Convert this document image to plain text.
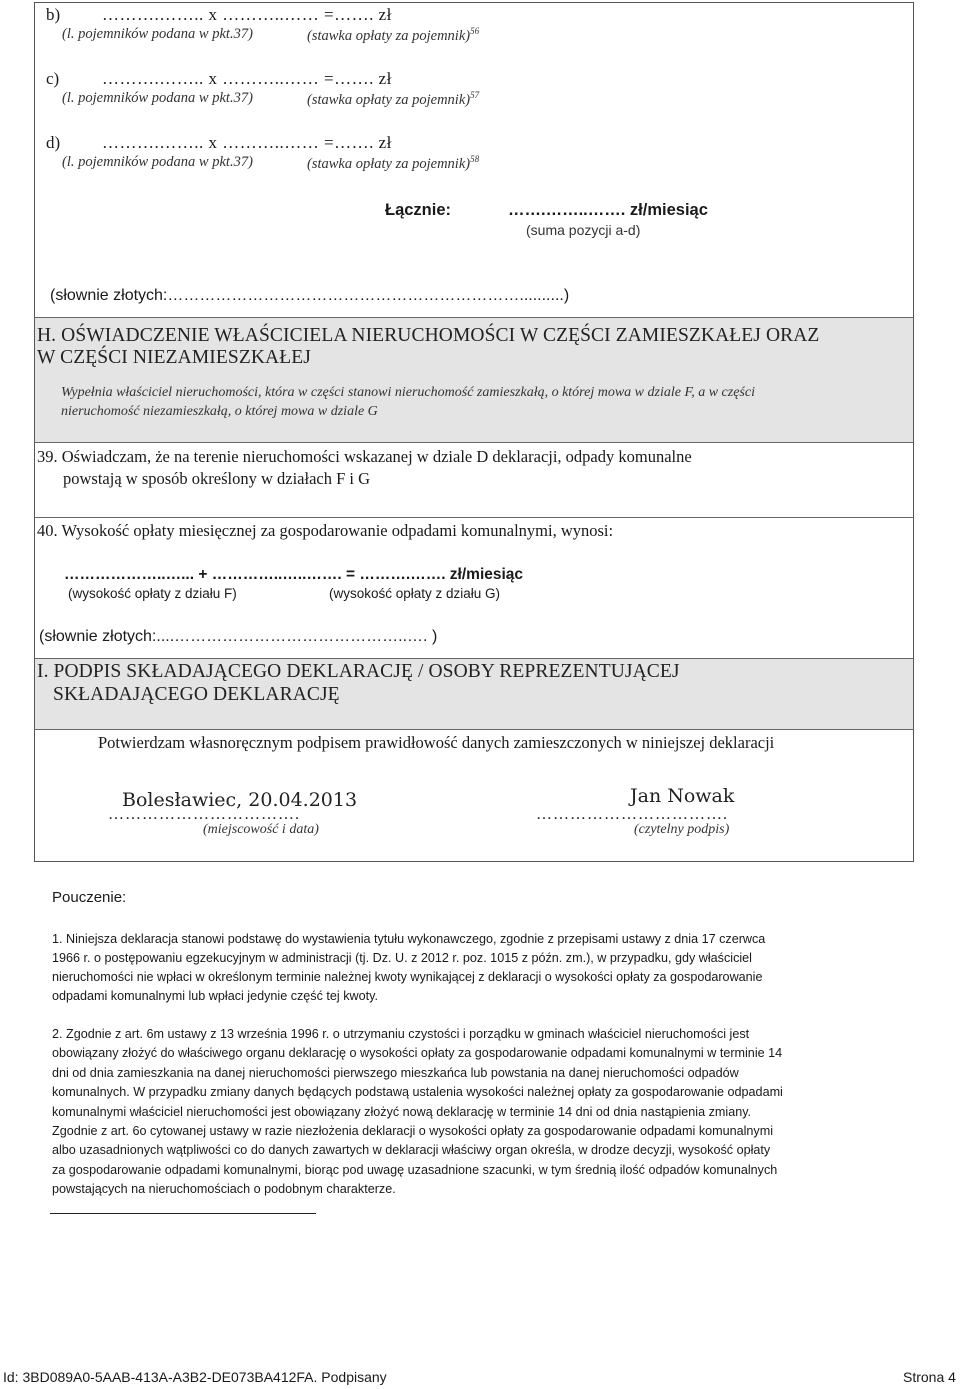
b) ……….…….. x ………..…… =……. zł
(l. pojemników podana w pkt.37)	(stawka opłaty za pojemnik)$^{56}$
c)	……….…….. x ………..…… =……. zł
(l. pojemników podana w pkt.37)	(stawka opłaty za pojemnik)$^{57}$
d) ……….…….. x ………..…… =……. zł
(l. pojemników podana w pkt.37)	(stawka opłaty za pojemnik)$^{58}$
Łącznie:	…….……..……. zł/miesiąc
(suma pozycji a-d)
(słownie złotych:…………………………………………………………..........)
H. OŚWIADCZENIE WŁAŚCICIELA NIERUCHOMOŚCI W CZĘŚCI ZAMIESZKAŁEJ ORAZ
W CZĘŚCI NIEZAMIESZKAŁEJ
Wypełnia właściciel nieruchomości, która w części stanowi nieruchomość zamieszkałą, o której mowa w dziale F, a w części
nieruchomość niezamieszkałą, o której mowa w dziale G
39. Oświadczam, że na terenie nieruchomości wskazanej w dziale D deklaracji, odpady komunalne
powstają w sposób określony w działach F i G
40. Wysokość opłaty miesięcznej za gospodarowanie odpadami komunalnymi, wynosi:
………………..…... + …………..…..……. = ……….……. zł/miesiąc
(wysokość opłaty z działu F)	(wysokość opłaty z działu G)
(słownie złotych:....……………………………………..…. )
I. PODPIS SKŁADAJĄCEGO DEKLARACJĘ / OSOBY REPREZENTUJĄCEJ
SKŁADAJĄCEGO DEKLARACJĘ
Potwierdzam własnoręcznym podpisem prawidłowość danych zamieszczonych w niniejszej deklaracji
Bolesławiec, 20.04.2013
…………………………….
(miejscowość i data)
Jan Nowak
…………………………….
(czytelny podpis)
Pouczenie:
1. Niniejsza deklaracja stanowi podstawę do wystawienia tytułu wykonawczego, zgodnie z przepisami ustawy z dnia 17 czerwca
1966 r. o postępowaniu egzekucyjnym w administracji (tj. Dz. U. z 2012 r. poz. 1015 z późn. zm.), w przypadku, gdy właściciel
nieruchomości nie wpłaci w określonym terminie należnej kwoty wynikającej z deklaracji o wysokości opłaty za gospodarowanie
odpadami komunalnymi lub wpłaci jedynie część tej kwoty.
2. Zgodnie z art. 6m ustawy z 13 września 1996 r. o utrzymaniu czystości i porządku w gminach właściciel nieruchomości jest
obowiązany złożyć do właściwego organu deklarację o wysokości opłaty za gospodarowanie odpadami komunalnymi w terminie 14
dni od dnia zamieszkania na danej nieruchomości pierwszego mieszkańca lub powstania na danej nieruchomości odpadów
komunalnych. W przypadku zmiany danych będących podstawą ustalenia wysokości należnej opłaty za gospodarowanie odpadami
komunalnymi właściciel nieruchomości jest obowiązany złożyć nową deklarację w terminie 14 dni od dnia nastąpienia zmiany.
Zgodnie z art. 6o cytowanej ustawy w razie niezłożenia deklaracji o wysokości opłaty za gospodarowanie odpadami komunalnymi
albo uzasadnionych wątpliwości co do danych zawartych w deklaracji właściwy organ określa, w drodze decyzji, wysokość opłaty
za gospodarowanie odpadami komunalnymi, biorąc pod uwagę uzasadnione szacunki, w tym średnią ilość odpadów komunalnych
powstających na nieruchomościach o podobnym charakterze.
Id: 3BD089A0-5AAB-413A-A3B2-DE073BA412FA. Podpisany	Strona 4
